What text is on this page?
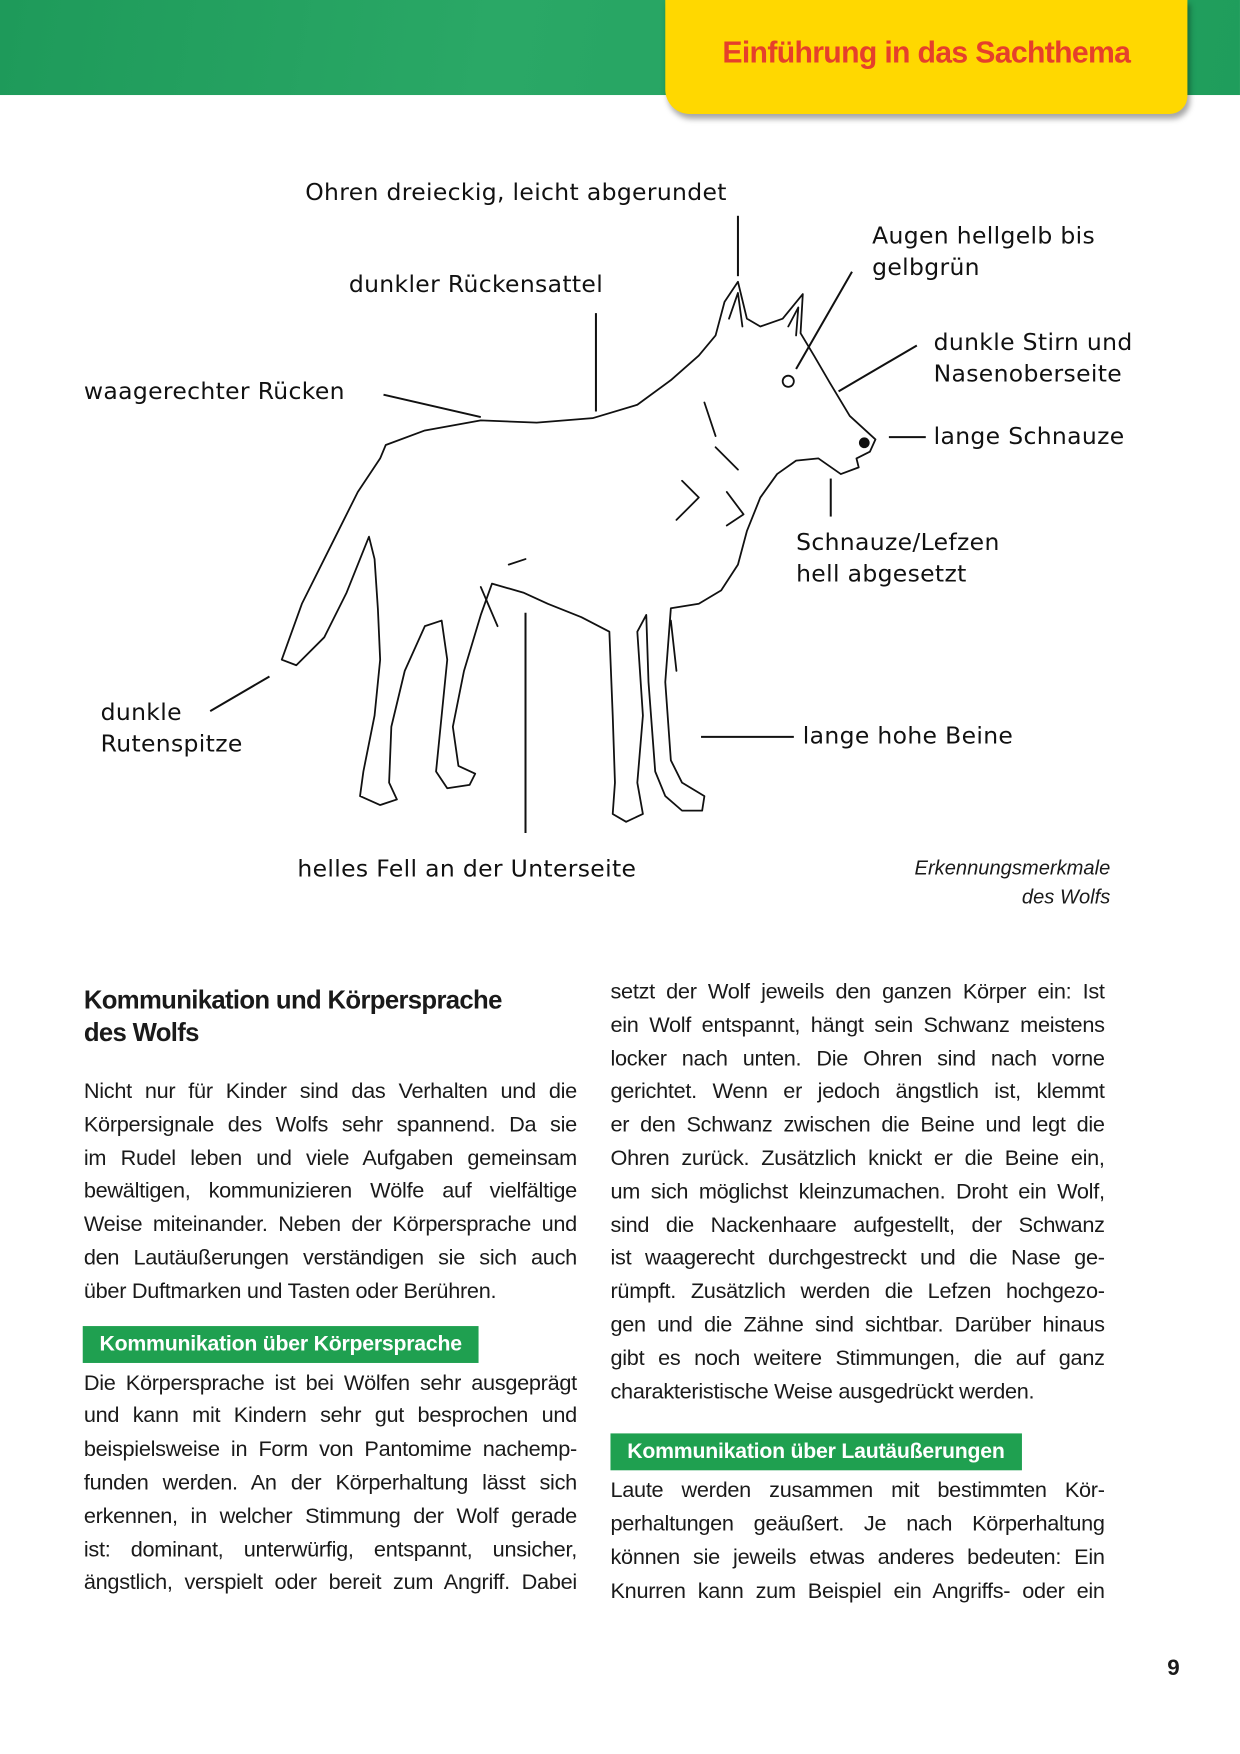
Einführung in das Sachthema
Ohren dreieckig, leicht abgerundet
dunkler Rückensattel
waagerechter Rücken
Augen hellgelb bis
gelbgrün
dunkle Stirn und
Nasenoberseite
lange Schnauze
Schnauze/Lefzen
hell abgesetzt
dunkle
Rutenspitze	lange hohe Beine
helles Fell an der Unterseite	Erkennungsmerkmale
des Wolfs
Kommunikation und Körpersprache
des Wolfs
Nicht nur für Kinder sind das Verhalten und die
Körpersignale des Wolfs sehr spannend. Da sie
im Rudel leben und viele Aufgaben gemeinsam
bewältigen, kommunizieren Wölfe auf vielfältige
Weise miteinander. Neben der Körpersprache und
den Lautäußerungen verständigen sie sich auch
über Duftmarken und Tasten oder Berühren.
Kommunikation über Körpersprache
Die Körpersprache ist bei Wölfen sehr ausgeprägt
und kann mit Kindern sehr gut besprochen und
beispielsweise in Form von Pantomime nachemp-
funden werden. An der Körperhaltung lässt sich
erkennen, in welcher Stimmung der Wolf gerade
ist: dominant, unterwürfig, entspannt, unsicher,
ängstlich, verspielt oder bereit zum Angriff. Dabei
setzt der Wolf jeweils den ganzen Körper ein: Ist
ein Wolf entspannt, hängt sein Schwanz meistens
locker nach unten. Die Ohren sind nach vorne
gerichtet. Wenn er jedoch ängstlich ist, klemmt
er den Schwanz zwischen die Beine und legt die
Ohren zurück. Zusätzlich knickt er die Beine ein,
um sich möglichst kleinzumachen. Droht ein Wolf,
sind die Nackenhaare aufgestellt, der Schwanz
ist waagerecht durchgestreckt und die Nase ge-
rümpft. Zusätzlich werden die Lefzen hochgezo-
gen und die Zähne sind sichtbar. Darüber hinaus
gibt es noch weitere Stimmungen, die auf ganz
charakteristische Weise ausgedrückt werden.
Kommunikation über Lautäußerungen
Laute werden zusammen mit bestimmten Kör-
perhaltungen geäußert. Je nach Körperhaltung
können sie jeweils etwas anderes bedeuten: Ein
Knurren kann zum Beispiel ein Angriffs- oder ein
9
